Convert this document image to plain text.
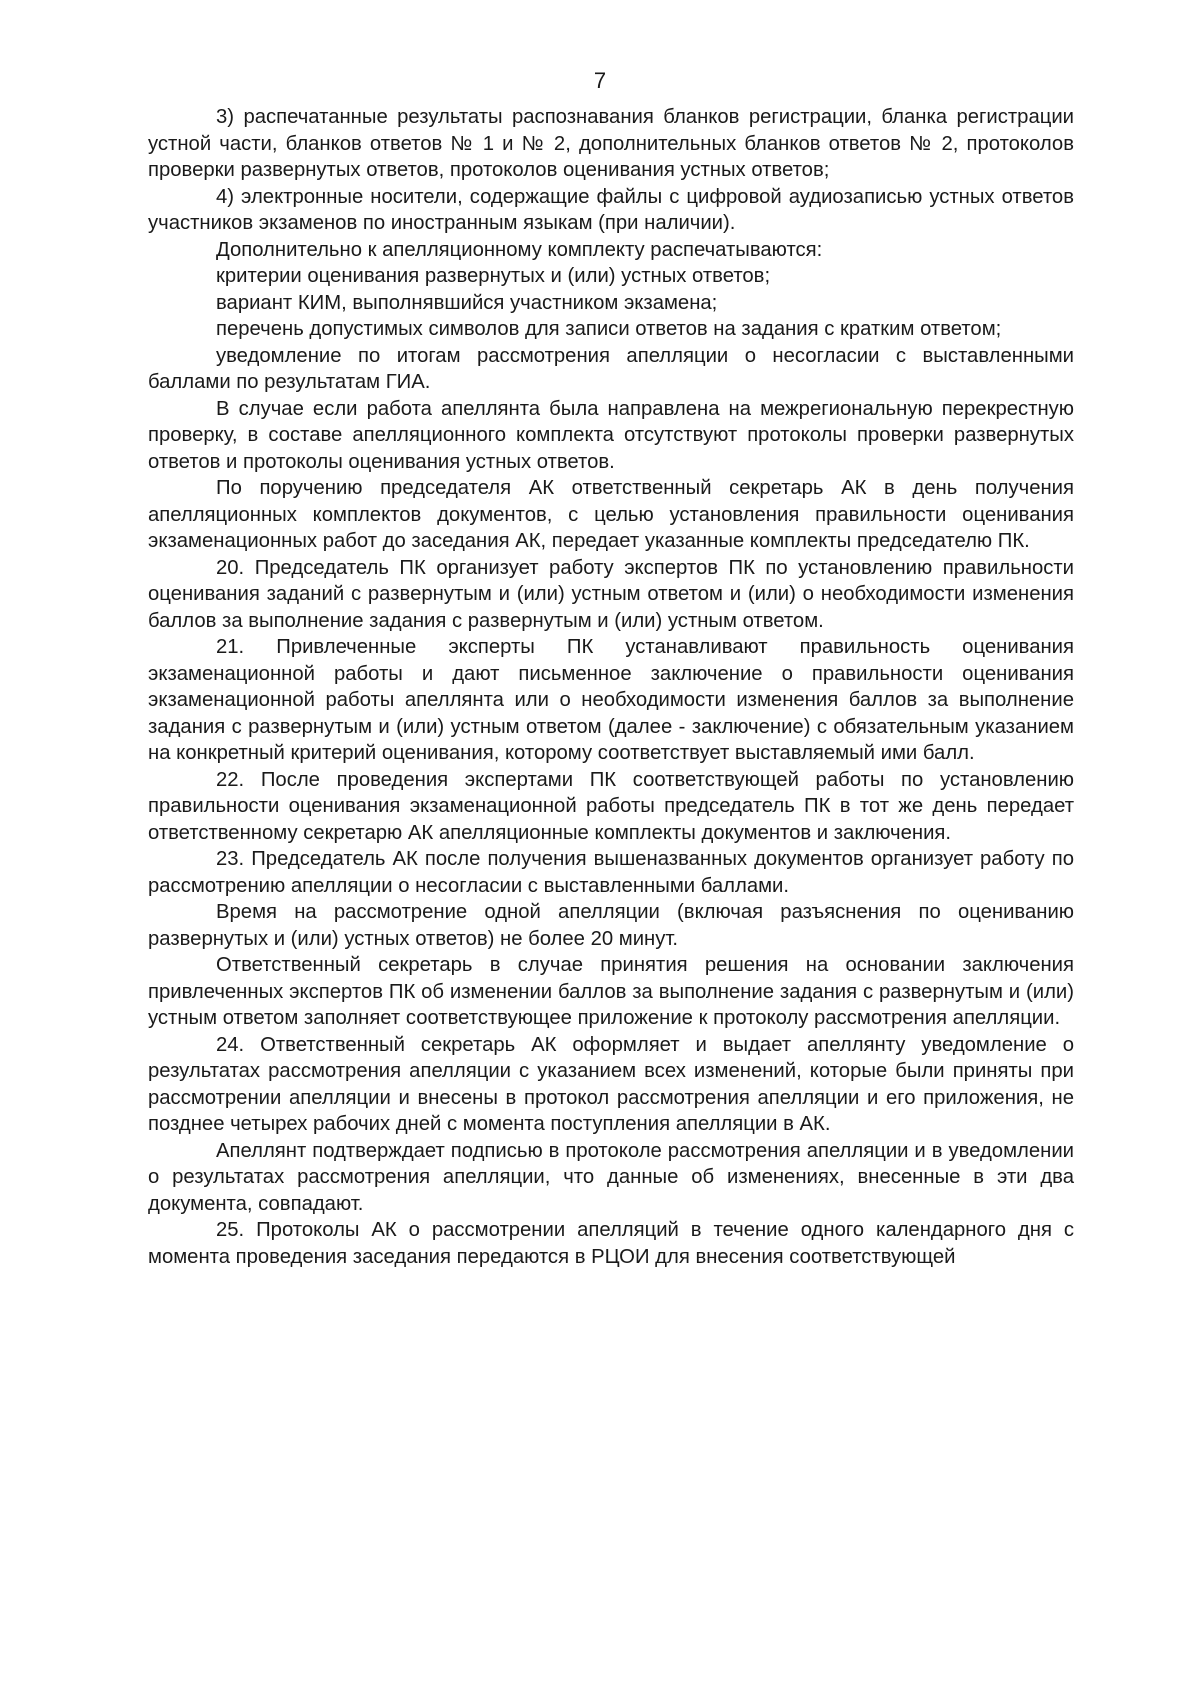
7

3) распечатанные результаты распознавания бланков регистрации, бланка регистрации устной части, бланков ответов № 1 и № 2, дополнительных бланков ответов № 2, протоколов проверки развернутых ответов, протоколов оценивания устных ответов;

4) электронные носители, содержащие файлы с цифровой аудиозаписью устных ответов участников экзаменов по иностранным языкам (при наличии).

Дополнительно к апелляционному комплекту распечатываются:

критерии оценивания развернутых и (или) устных ответов;

вариант КИМ, выполнявшийся участником экзамена;

перечень допустимых символов для записи ответов на задания с кратким ответом;

уведомление по итогам рассмотрения апелляции о несогласии с выставленными баллами по результатам ГИА.

В случае если работа апеллянта была направлена на межрегиональную перекрестную проверку, в составе апелляционного комплекта отсутствуют протоколы проверки развернутых ответов и протоколы оценивания устных ответов.

По поручению председателя АК ответственный секретарь АК в день получения апелляционных комплектов документов, с целью установления правильности оценивания экзаменационных работ до заседания АК, передает указанные комплекты председателю ПК.

20. Председатель ПК организует работу экспертов ПК по установлению правильности оценивания заданий с развернутым и (или) устным ответом и (или) о необходимости изменения баллов за выполнение задания с развернутым и (или) устным ответом.

21. Привлеченные эксперты ПК устанавливают правильность оценивания экзаменационной работы и дают письменное заключение о правильности оценивания экзаменационной работы апеллянта или о необходимости изменения баллов за выполнение задания с развернутым и (или) устным ответом (далее - заключение) с обязательным указанием на конкретный критерий оценивания, которому соответствует выставляемый ими балл.

22. После проведения экспертами ПК соответствующей работы по установлению правильности оценивания экзаменационной работы председатель ПК в тот же день передает ответственному секретарю АК апелляционные комплекты документов и заключения.

23. Председатель АК после получения вышеназванных документов организует работу по рассмотрению апелляции о несогласии с выставленными баллами.

Время на рассмотрение одной апелляции (включая разъяснения по оцениванию развернутых и (или) устных ответов) не более 20 минут.

Ответственный секретарь в случае принятия решения на основании заключения привлеченных экспертов ПК об изменении баллов за выполнение задания с развернутым и (или) устным ответом заполняет соответствующее приложение к протоколу рассмотрения апелляции.

24. Ответственный секретарь АК оформляет и выдает апеллянту уведомление о результатах рассмотрения апелляции с указанием всех изменений, которые были приняты при рассмотрении апелляции и внесены в протокол рассмотрения апелляции и его приложения, не позднее четырех рабочих дней с момента поступления апелляции в АК.

Апеллянт подтверждает подписью в протоколе рассмотрения апелляции и в уведомлении о результатах рассмотрения апелляции, что данные об изменениях, внесенные в эти два документа, совпадают.

25. Протоколы АК о рассмотрении апелляций в течение одного календарного дня с момента проведения заседания передаются в РЦОИ для внесения соответствующей
